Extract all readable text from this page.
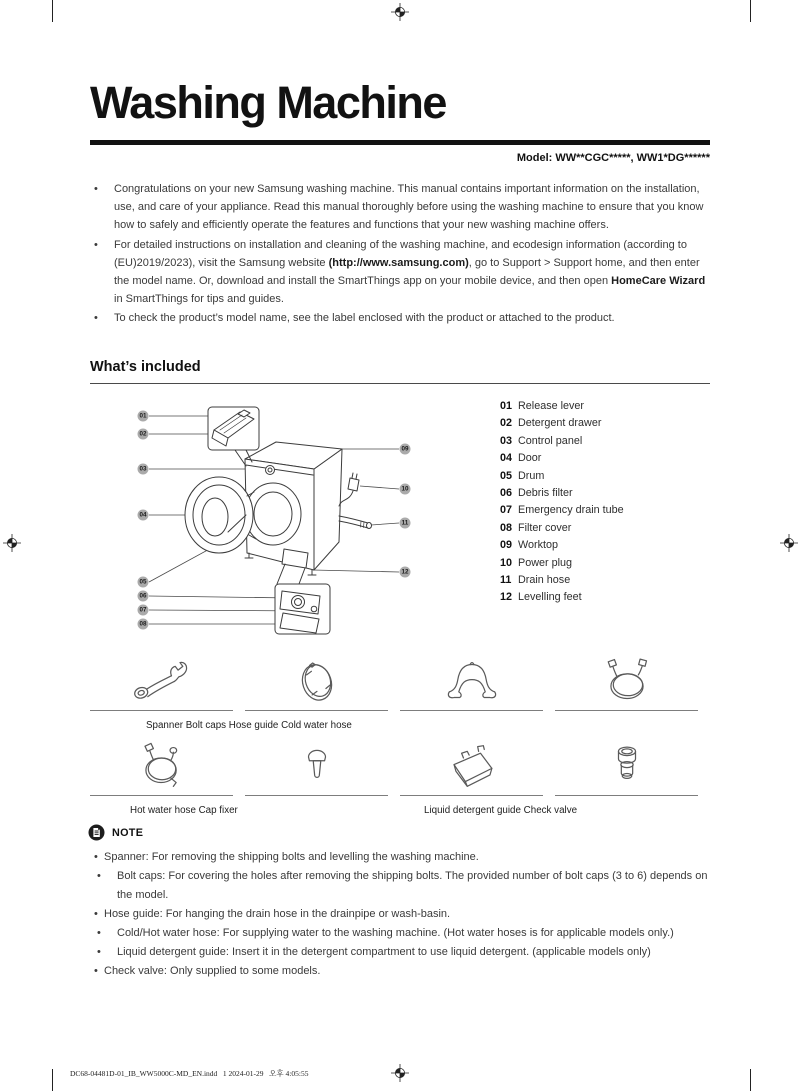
Washing Machine
Model: WW**CGC*****, WW1*DG******
•	Congratulations on your new Samsung washing machine. This manual contains important information on the installation, use, and care of your appliance. Read this manual thoroughly before using the washing machine to ensure that you know how to safely and efficiently operate the features and functions that your new washing machine offers.
•	For detailed instructions on installation and cleaning of the washing machine, and ecodesign information (according to (EU)2019/2023), visit the Samsung website (http://www.samsung.com), go to Support > Support home, and then enter the model name. Or, download and install the SmartThings app on your mobile device, and then open HomeCare Wizard in SmartThings for tips and guides.
•	To check the product’s model name, see the label enclosed with the product or attached to the product.
What’s included
01
02
03
04
05
06
07
08
09
10
11
12
01 Release lever
02 Detergent drawer
03 Control panel
04 Door
05 Drum
06 Debris filter
07 Emergency drain tube
08 Filter cover
09 Worktop
10 Power plug
11 Drain hose
12 Levelling feet
Spanner Bolt caps Hose guide Cold water hose
Hot water hose Cap fixer	Liquid detergent guide Check valve
NOTE
• Spanner: For removing the shipping bolts and levelling the washing machine.
•	Bolt caps: For covering the holes after removing the shipping bolts. The provided number of bolt caps (3 to 6) depends on the model.
• Hose guide: For hanging the drain hose in the drainpipe or wash-basin.
•	Cold/Hot water hose: For supplying water to the washing machine. (Hot water hoses is for applicable models only.)
•	Liquid detergent guide: Insert it in the detergent compartment to use liquid detergent. (applicable models only)
• Check valve: Only supplied to some models.
DC68-04481D-01_IB_WW5000C-MD_EN.indd   1 2024-01-29 오후 4:05:55
